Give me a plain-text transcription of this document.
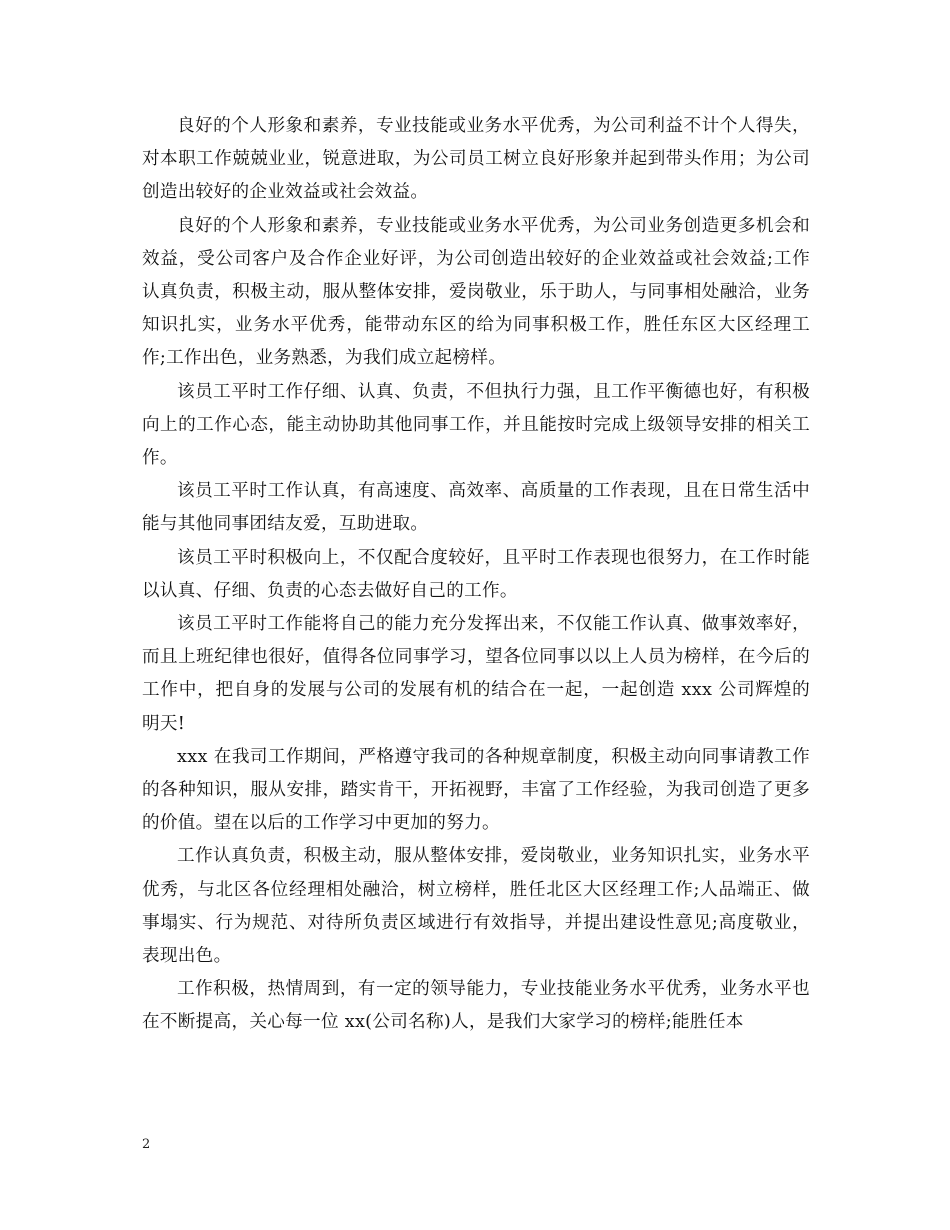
良好的个人形象和素养，专业技能或业务水平优秀，为公司利益不计个人得失，对本职工作兢兢业业，锐意进取，为公司员工树立良好形象并起到带头作用；为公司创造出较好的企业效益或社会效益。

良好的个人形象和素养，专业技能或业务水平优秀，为公司业务创造更多机会和效益，受公司客户及合作企业好评，为公司创造出较好的企业效益或社会效益;工作认真负责，积极主动，服从整体安排，爱岗敬业，乐于助人，与同事相处融洽，业务知识扎实，业务水平优秀，能带动东区的给为同事积极工作，胜任东区大区经理工作;工作出色，业务熟悉，为我们成立起榜样。

该员工平时工作仔细、认真、负责，不但执行力强，且工作平衡德也好，有积极向上的工作心态，能主动协助其他同事工作，并且能按时完成上级领导安排的相关工作。

该员工平时工作认真，有高速度、高效率、高质量的工作表现，且在日常生活中能与其他同事团结友爱，互助进取。

该员工平时积极向上，不仅配合度较好，且平时工作表现也很努力，在工作时能以认真、仔细、负责的心态去做好自己的工作。

该员工平时工作能将自己的能力充分发挥出来，不仅能工作认真、做事效率好，而且上班纪律也很好，值得各位同事学习，望各位同事以以上人员为榜样，在今后的工作中，把自身的发展与公司的发展有机的结合在一起，一起创造 xxx 公司辉煌的明天!

xxx 在我司工作期间，严格遵守我司的各种规章制度，积极主动向同事请教工作的各种知识，服从安排，踏实肯干，开拓视野，丰富了工作经验，为我司创造了更多的价值。望在以后的工作学习中更加的努力。

工作认真负责，积极主动，服从整体安排，爱岗敬业，业务知识扎实，业务水平优秀，与北区各位经理相处融洽，树立榜样，胜任北区大区经理工作;人品端正、做事塌实、行为规范、对待所负责区域进行有效指导，并提出建设性意见;高度敬业，表现出色。

工作积极，热情周到，有一定的领导能力，专业技能业务水平优秀，业务水平也在不断提高，关心每一位 xx(公司名称)人，是我们大家学习的榜样;能胜任本

2
